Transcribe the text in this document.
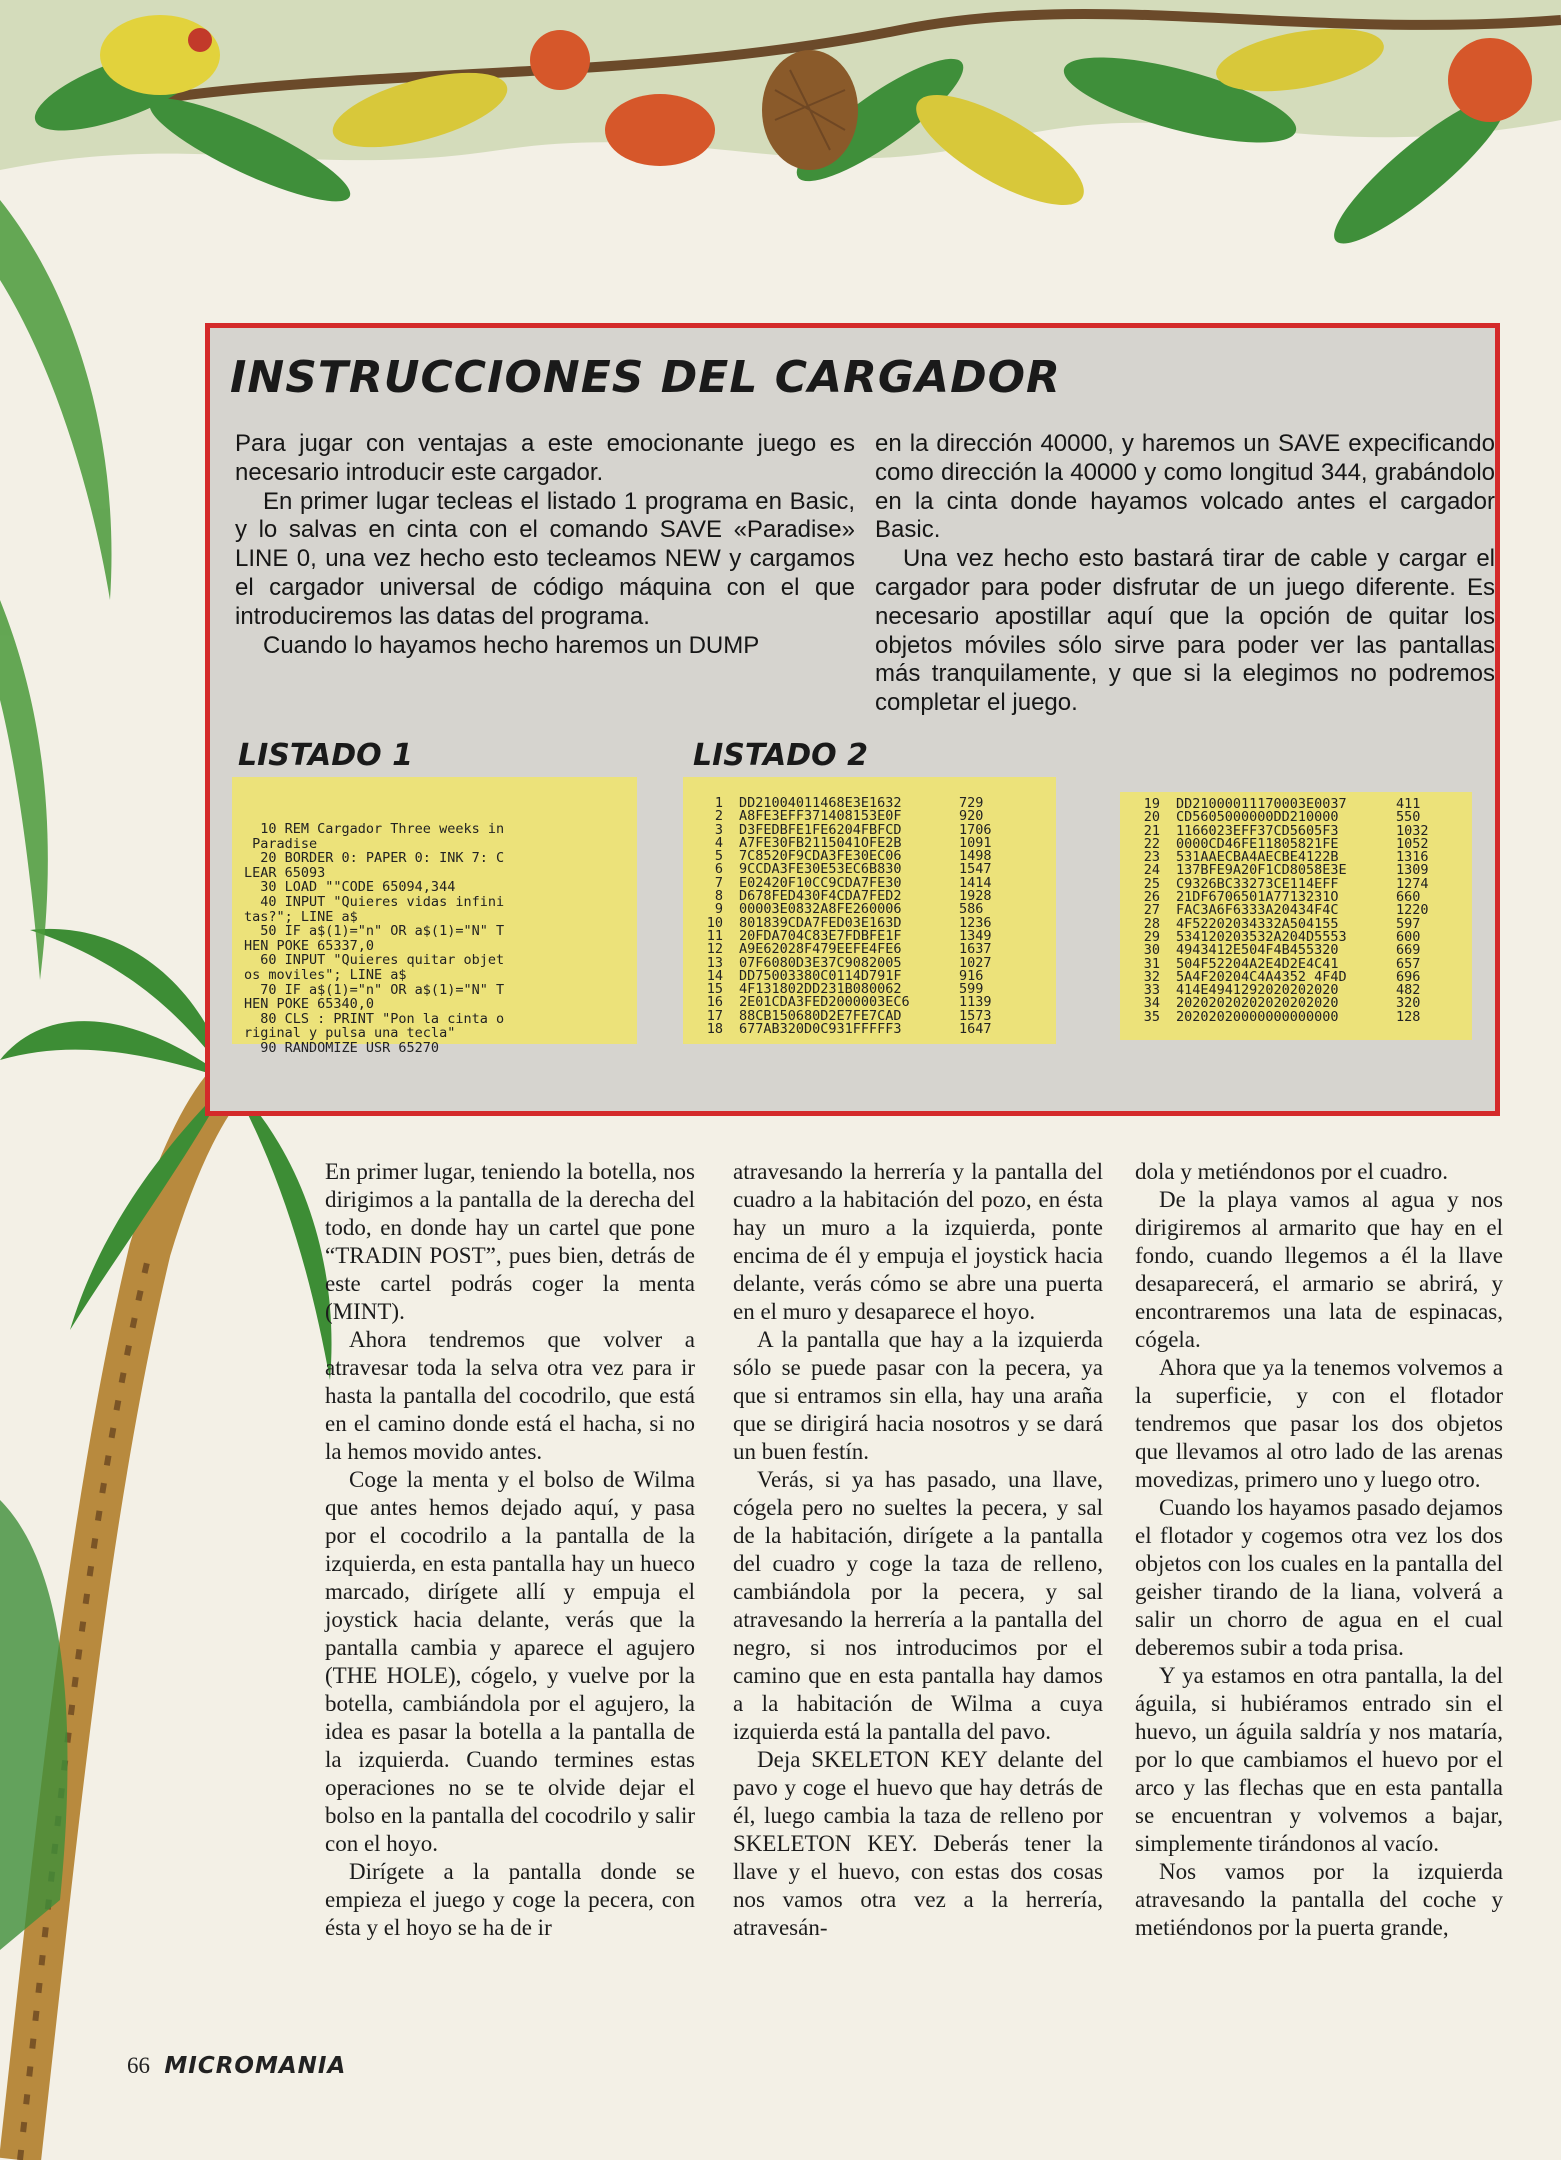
INSTRUCCIONES DEL CARGADOR

Para jugar con ventajas a este emocionante juego es necesario introducir este cargador.

En primer lugar tecleas el listado 1 programa en Basic, y lo salvas en cinta con el comando SAVE «Paradise» LINE 0, una vez hecho esto tecleamos NEW y cargamos el cargador universal de código máquina con el que introduciremos las datas del programa.

Cuando lo hayamos hecho haremos un DUMP

en la dirección 40000, y haremos un SAVE expecificando como dirección la 40000 y como longitud 344, grabándolo en la cinta donde hayamos volcado antes el cargador Basic.

Una vez hecho esto bastará tirar de cable y cargar el cargador para poder disfrutar de un juego diferente. Es necesario apostillar aquí que la opción de quitar los objetos móviles sólo sirve para poder ver las pantallas más tranquilamente, y que si la elegimos no podremos completar el juego.

LISTADO 1	LISTADO 2
10 REM Cargador Three weeks in
Paradise
20 BORDER 0: PAPER 0: INK 7: C
LEAR 65093
30 LOAD ""CODE 65094,344
40 INPUT "Quieres vidas infini
tas?"; LINE a$
50 IF a$(1)="n" OR a$(1)="N" T
HEN POKE 65337,0
60 INPUT "Quieres quitar objet
os moviles"; LINE a$
70 IF a$(1)="n" OR a$(1)="N" T
HEN POKE 65340,0
80 CLS : PRINT "Pon la cinta o
riginal y pulsa una tecla"
90 RANDOMIZE USR 65270
1 DD21004011468E3E1632	729
2 A8FE3EFF371408153E0F	920
3 D3FEDBFE1FE6204FBFCD	1706
4 A7FE30FB2115041OFE2B	1091
5 7C8520F9CDA3FE30EC06	1498
6 9CCDA3FE30E53EC6B830	1547
7 E02420F10CC9CDA7FE30	1414
8 D678FED430F4CDA7FED2	1928
9 00003E0832A8FE260006	586
10 801839CDA7FED03E163D	1236
11 20FDA704C83E7FDBFE1F	1349
12 A9E62028F479EEFE4FE6	1637
13 07F6080D3E37C9082005	1027
14 DD75003380C0114D791F	916
15 4F131802DD231B080062	599
16 2E01CDA3FED2000003EC6	1139
17 88CB150680D2E7FE7CAD	1573
18 677AB320D0C931FFFFF3	1647
19 DD21000011170003E0037	411
20 CD5605000000DD210000	550
21 1166023EFF37CD5605F3	1032
22 0000CD46FE11805821FE	1052
23 531AAECBA4AECBE4122B	1316
24 137BFE9A20F1CD8058E3E	1309
25 C9326BC33273CE114EFF	1274
26 21DF6706501A7713231O	660
27 FAC3A6F6333A20434F4C	1220
28 4F52202034332A504155	597
29 534120203532A204D5553	600
30 4943412E504F4B455320	669
31 504F52204A2E4D2E4C41	657
32 5A4F20204C4A4352 4F4D	696
33 414E4941292020202020	482
34 20202020202020202020	320
35 20202020000000000000	128

En primer lugar, teniendo la botella, nos dirigimos a la pantalla de la derecha del todo, en donde hay un cartel que pone “TRADIN POST”, pues bien, detrás de este cartel podrás coger la menta (MINT).

Ahora tendremos que volver a atravesar toda la selva otra vez para ir hasta la pantalla del cocodrilo, que está en el camino donde está el hacha, si no la hemos movido antes.

Coge la menta y el bolso de Wilma que antes hemos dejado aquí, y pasa por el cocodrilo a la pantalla de la izquierda, en esta pantalla hay un hueco marcado, dirígete allí y empuja el joystick hacia delante, verás que la pantalla cambia y aparece el agujero (THE HOLE), cógelo, y vuelve por la botella, cambiándola por el agujero, la idea es pasar la botella a la pantalla de la izquierda. Cuando termines estas operaciones no se te olvide dejar el bolso en la pantalla del cocodrilo y salir con el hoyo.

Dirígete a la pantalla donde se empieza el juego y coge la pecera, con ésta y el hoyo se ha de ir

atravesando la herrería y la pantalla del cuadro a la habitación del pozo, en ésta hay un muro a la izquierda, ponte encima de él y empuja el joystick hacia delante, verás cómo se abre una puerta en el muro y desaparece el hoyo.

A la pantalla que hay a la izquierda sólo se puede pasar con la pecera, ya que si entramos sin ella, hay una araña que se dirigirá hacia nosotros y se dará un buen festín.

Verás, si ya has pasado, una llave, cógela pero no sueltes la pecera, y sal de la habitación, dirígete a la pantalla del cuadro y coge la taza de relleno, cambiándola por la pecera, y sal atravesando la herrería a la pantalla del negro, si nos introducimos por el camino que en esta pantalla hay damos a la habitación de Wilma a cuya izquierda está la pantalla del pavo.

Deja SKELETON KEY delante del pavo y coge el huevo que hay detrás de él, luego cambia la taza de relleno por SKELETON KEY. Deberás tener la llave y el huevo, con estas dos cosas nos vamos otra vez a la herrería, atravesán-

dola y metiéndonos por el cuadro.

De la playa vamos al agua y nos dirigiremos al armarito que hay en el fondo, cuando llegemos a él la llave desaparecerá, el armario se abrirá, y encontraremos una lata de espinacas, cógela.

Ahora que ya la tenemos volvemos a la superficie, y con el flotador tendremos que pasar los dos objetos que llevamos al otro lado de las arenas movedizas, primero uno y luego otro.

Cuando los hayamos pasado dejamos el flotador y cogemos otra vez los dos objetos con los cuales en la pantalla del geisher tirando de la liana, volverá a salir un chorro de agua en el cual deberemos subir a toda prisa.

Y ya estamos en otra pantalla, la del águila, si hubiéramos entrado sin el huevo, un águila saldría y nos mataría, por lo que cambiamos el huevo por el arco y las flechas que en esta pantalla se encuentran y volvemos a bajar, simplemente tirándonos al vacío.

Nos vamos por la izquierda atravesando la pantalla del coche y metiéndonos por la puerta grande,

66 MICROMANIA
